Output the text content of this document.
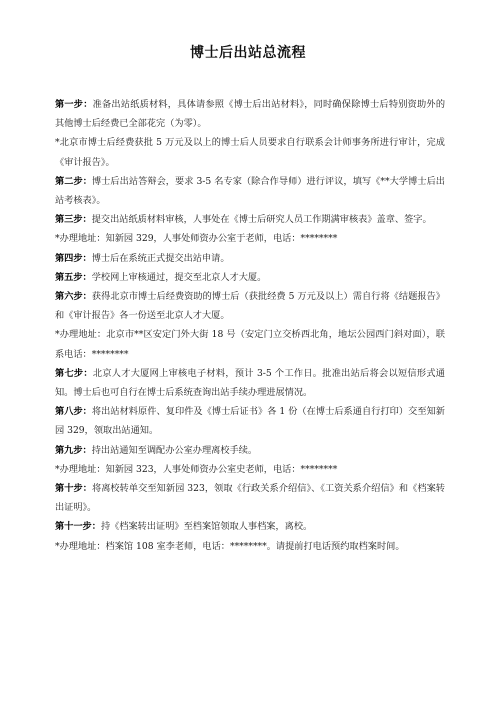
博士后出站总流程

第一步：准备出站纸质材料，具体请参照《博士后出站材料》，同时确保除博士后特别资助外的其他博士后经费已全部花完（为零）。

*北京市博士后经费获批 5 万元及以上的博士后人员要求自行联系会计师事务所进行审计，完成《审计报告》。

第二步：博士后出站答辩会，要求 3-5 名专家（除合作导师）进行评议，填写《**大学博士后出站考核表》。

第三步：提交出站纸质材料审核，人事处在《博士后研究人员工作期满审核表》盖章、签字。

*办理地址：知新园 329，人事处师资办公室于老师，电话：********

第四步：博士后在系统正式提交出站申请。

第五步：学校网上审核通过，提交至北京人才大厦。

第六步：获得北京市博士后经费资助的博士后（获批经费 5 万元及以上）需自行将《结题报告》和《审计报告》各一份送至北京人才大厦。

*办理地址：北京市**区安定门外大街 18 号（安定门立交桥西北角，地坛公园西门斜对面），联系电话：********

第七步：北京人才大厦网上审核电子材料，预计 3-5 个工作日。批准出站后将会以短信形式通知。博士后也可自行在博士后系统查询出站手续办理进展情况。

第八步：将出站材料原件、复印件及《博士后证书》各 1 份（在博士后系通自行打印）交至知新园 329，领取出站通知。

第九步：持出站通知至调配办公室办理离校手续。

*办理地址：知新园 323，人事处师资办公室史老师，电话：********

第十步：将离校转单交至知新园 323，领取《行政关系介绍信》、《工资关系介绍信》和《档案转出证明》。

第十一步：持《档案转出证明》至档案馆领取人事档案，离校。

*办理地址：档案馆 108 室李老师，电话：********。请提前打电话预约取档案时间。
